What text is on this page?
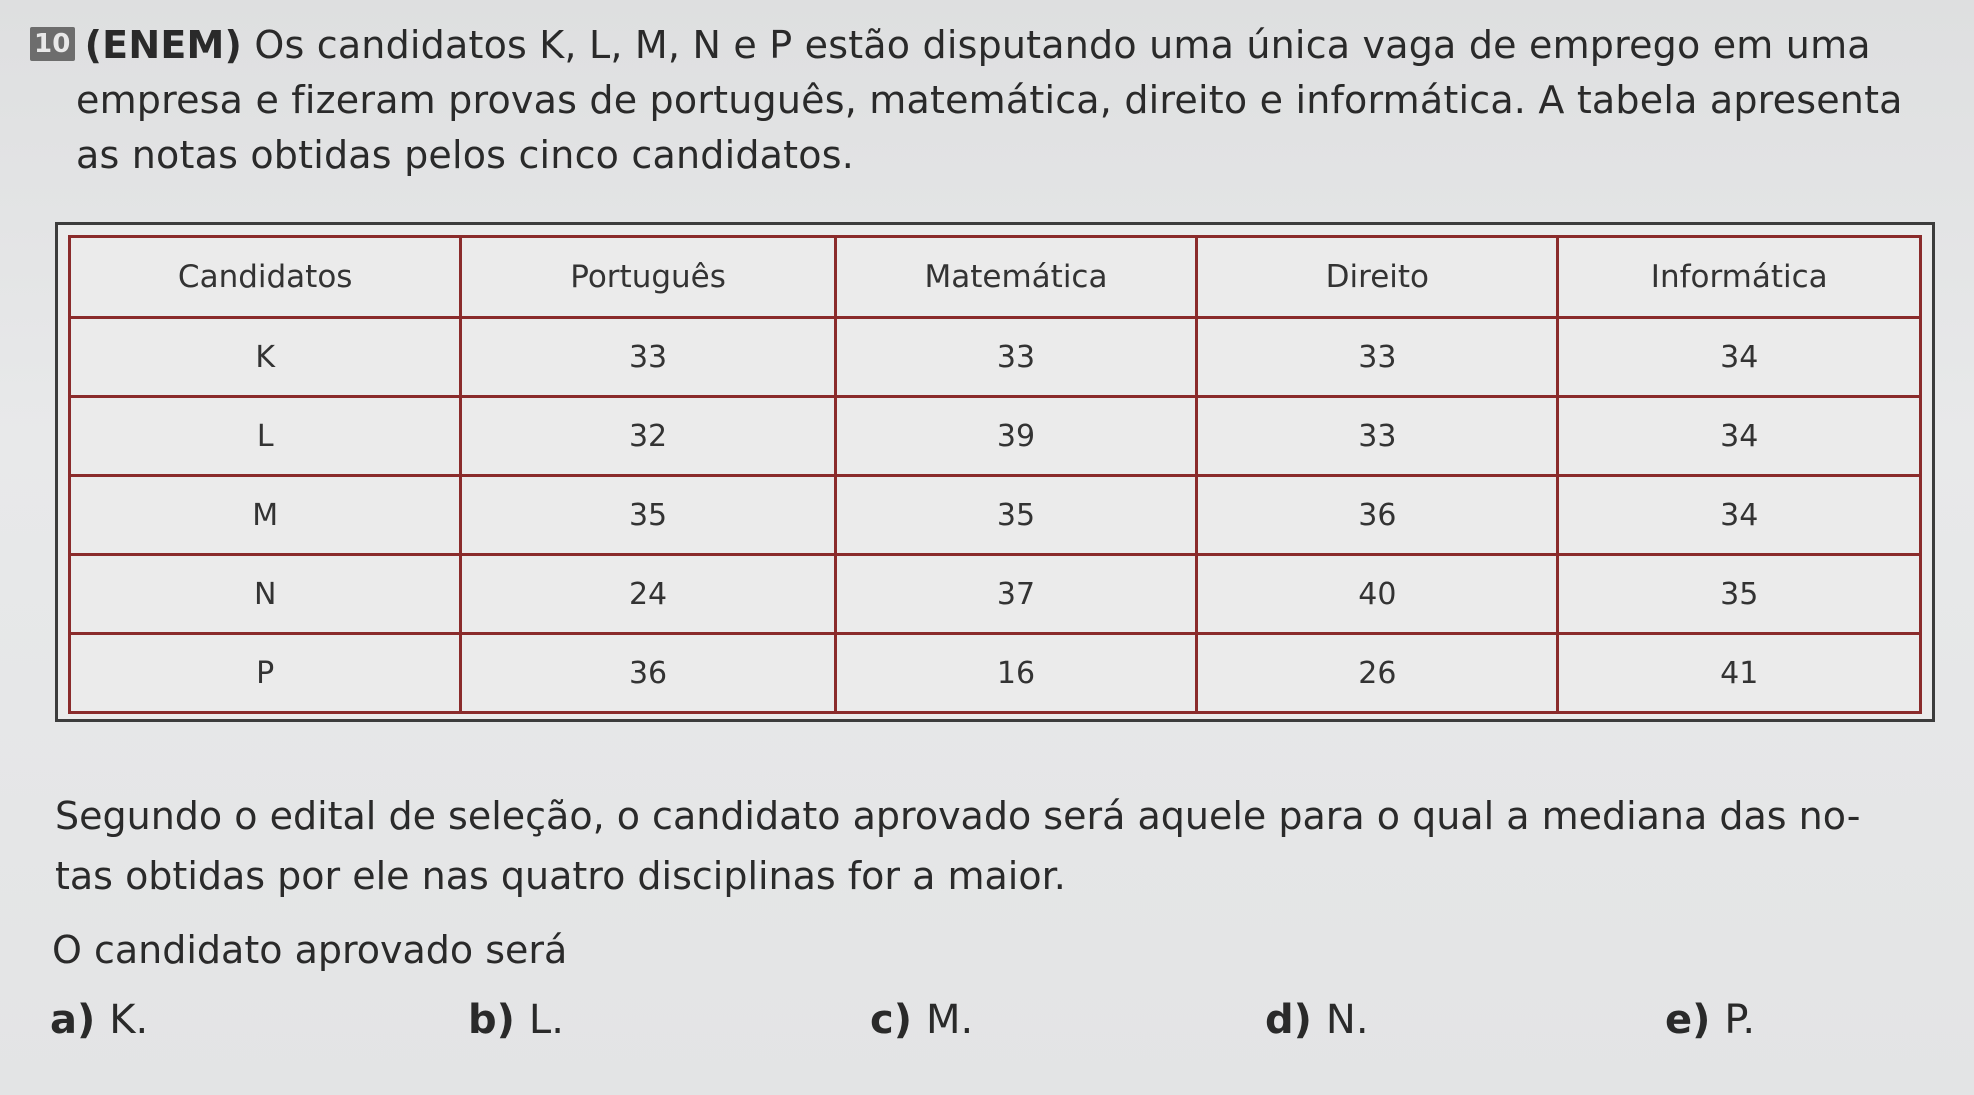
10 (ENEM) Os candidatos K, L, M, N e P estão disputando uma única vaga de emprego em uma
empresa e fizeram provas de português, matemática, direito e informática. A tabela apresenta
as notas obtidas pelos cinco candidatos.
Candidatos	Português	Matemática	Direito	Informática
K	33	33	33	34
L	32	39	33	34
M	35	35	36	34
N	24	37	40	35
P	36	16	26	41
Segundo o edital de seleção, o candidato aprovado será aquele para o qual a mediana das no-
tas obtidas por ele nas quatro disciplinas for a maior.
O candidato aprovado será
a) K.	b) L.	c) M.	d) N.	e) P.
